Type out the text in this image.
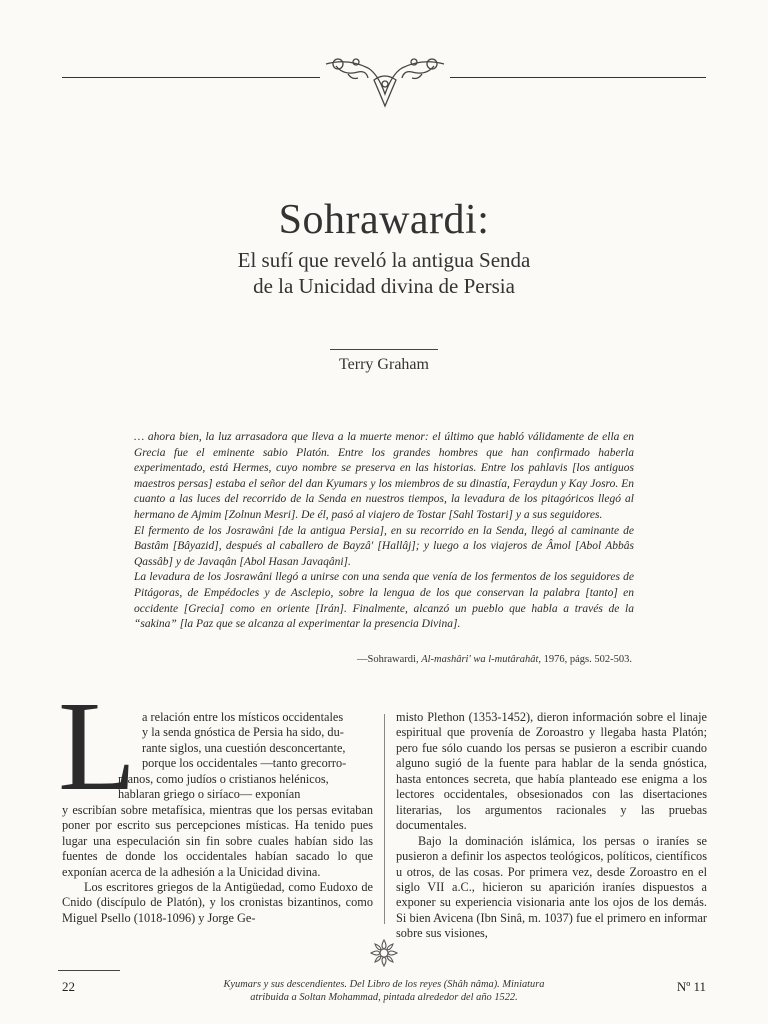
Sohrawardi:
El sufí que reveló la antigua Senda
de la Unicidad divina de Persia
Terry Graham

… ahora bien, la luz arrasadora que lleva a la muerte menor: el último que habló válidamente de ella en Grecia fue el eminente sabio Platón. Entre los grandes hombres que han confirmado haberla experimentado, está Hermes, cuyo nombre se preserva en las historias. Entre los pahlavis [los antiguos maestros persas] estaba el señor del dan Kyumars y los miembros de su dinastía, Feraydun y Kay Josro. En cuanto a las luces del recorrido de la Senda en nuestros tiempos, la levadura de los pitagóricos llegó al hermano de Ajmim [Zolnun Mesri]. De él, pasó al viajero de Tostar [Sahl Tostari] y a sus seguidores.

El fermento de los Josrawâni [de la antigua Persia], en su recorrido en la Senda, llegó al caminante de Bastâm [Bâyazid], después al caballero de Bayzâ' [Hallâj]; y luego a los viajeros de Âmol [Abol Abbâs Qassâb] y de Javaqân [Abol Hasan Javaqâni].

La levadura de los Josrawâni llegó a unirse con una senda que venía de los fermentos de los seguidores de Pitágoras, de Empédocles y de Asclepio, sobre la lengua de los que conservan la palabra [tanto] en occidente [Grecia] como en oriente [Irán]. Finalmente, alcanzó un pueblo que habla a través de la “sakina” [la Paz que se alcanza al experimentar la presencia Divina].

—Sohrawardi, Al-mashâri' wa l-mutârahât, 1976, págs. 502-503.
L a relación entre los místicos occidentales
y la senda gnóstica de Persia ha sido, du-
rante siglos, una cuestión desconcertante,
porque los occidentales —tanto grecorro-
manos, como judíos o cristianos helénicos,
hablaran griego o siríaco— exponían
y escribían sobre metafísica, mientras que los persas evitaban poner por escrito sus percepciones místicas. Ha tenido pues lugar una especulación sin fin sobre cuales habían sido las fuentes de donde los occidentales habían sacado lo que exponían acerca de la adhesión a la Unicidad divina.

Los escritores griegos de la Antigüedad, como Eudoxo de Cnido (discípulo de Platón), y los cronistas bizantinos, como Miguel Psello (1018-1096) y Jorge Ge-

misto Plethon (1353-1452), dieron información sobre el linaje espiritual que provenía de Zoroastro y llegaba hasta Platón; pero fue sólo cuando los persas se pusieron a escribir cuando alguno sugió de la fuente para hablar de la senda gnóstica, hasta entonces secreta, que había planteado ese enigma a los lectores occidentales, obsesionados con las disertaciones literarias, los argumentos racionales y las pruebas documentales.

Bajo la dominación islámica, los persas o iraníes se pusieron a definir los aspectos teológicos, políticos, científicos u otros, de las cosas. Por primera vez, desde Zoroastro en el siglo VII a.C., hicieron su aparición iraníes dispuestos a exponer su experiencia visionaria ante los ojos de los demás. Si bien Avicena (Ibn Sinâ, m. 1037) fue el primero en informar sobre sus visiones,

22	Kyumars y sus descendientes. Del Libro de los reyes (Shâh nâma). Miniatura
atribuida a Soltan Mohammad, pintada alrededor del año 1522.
Nº 11
